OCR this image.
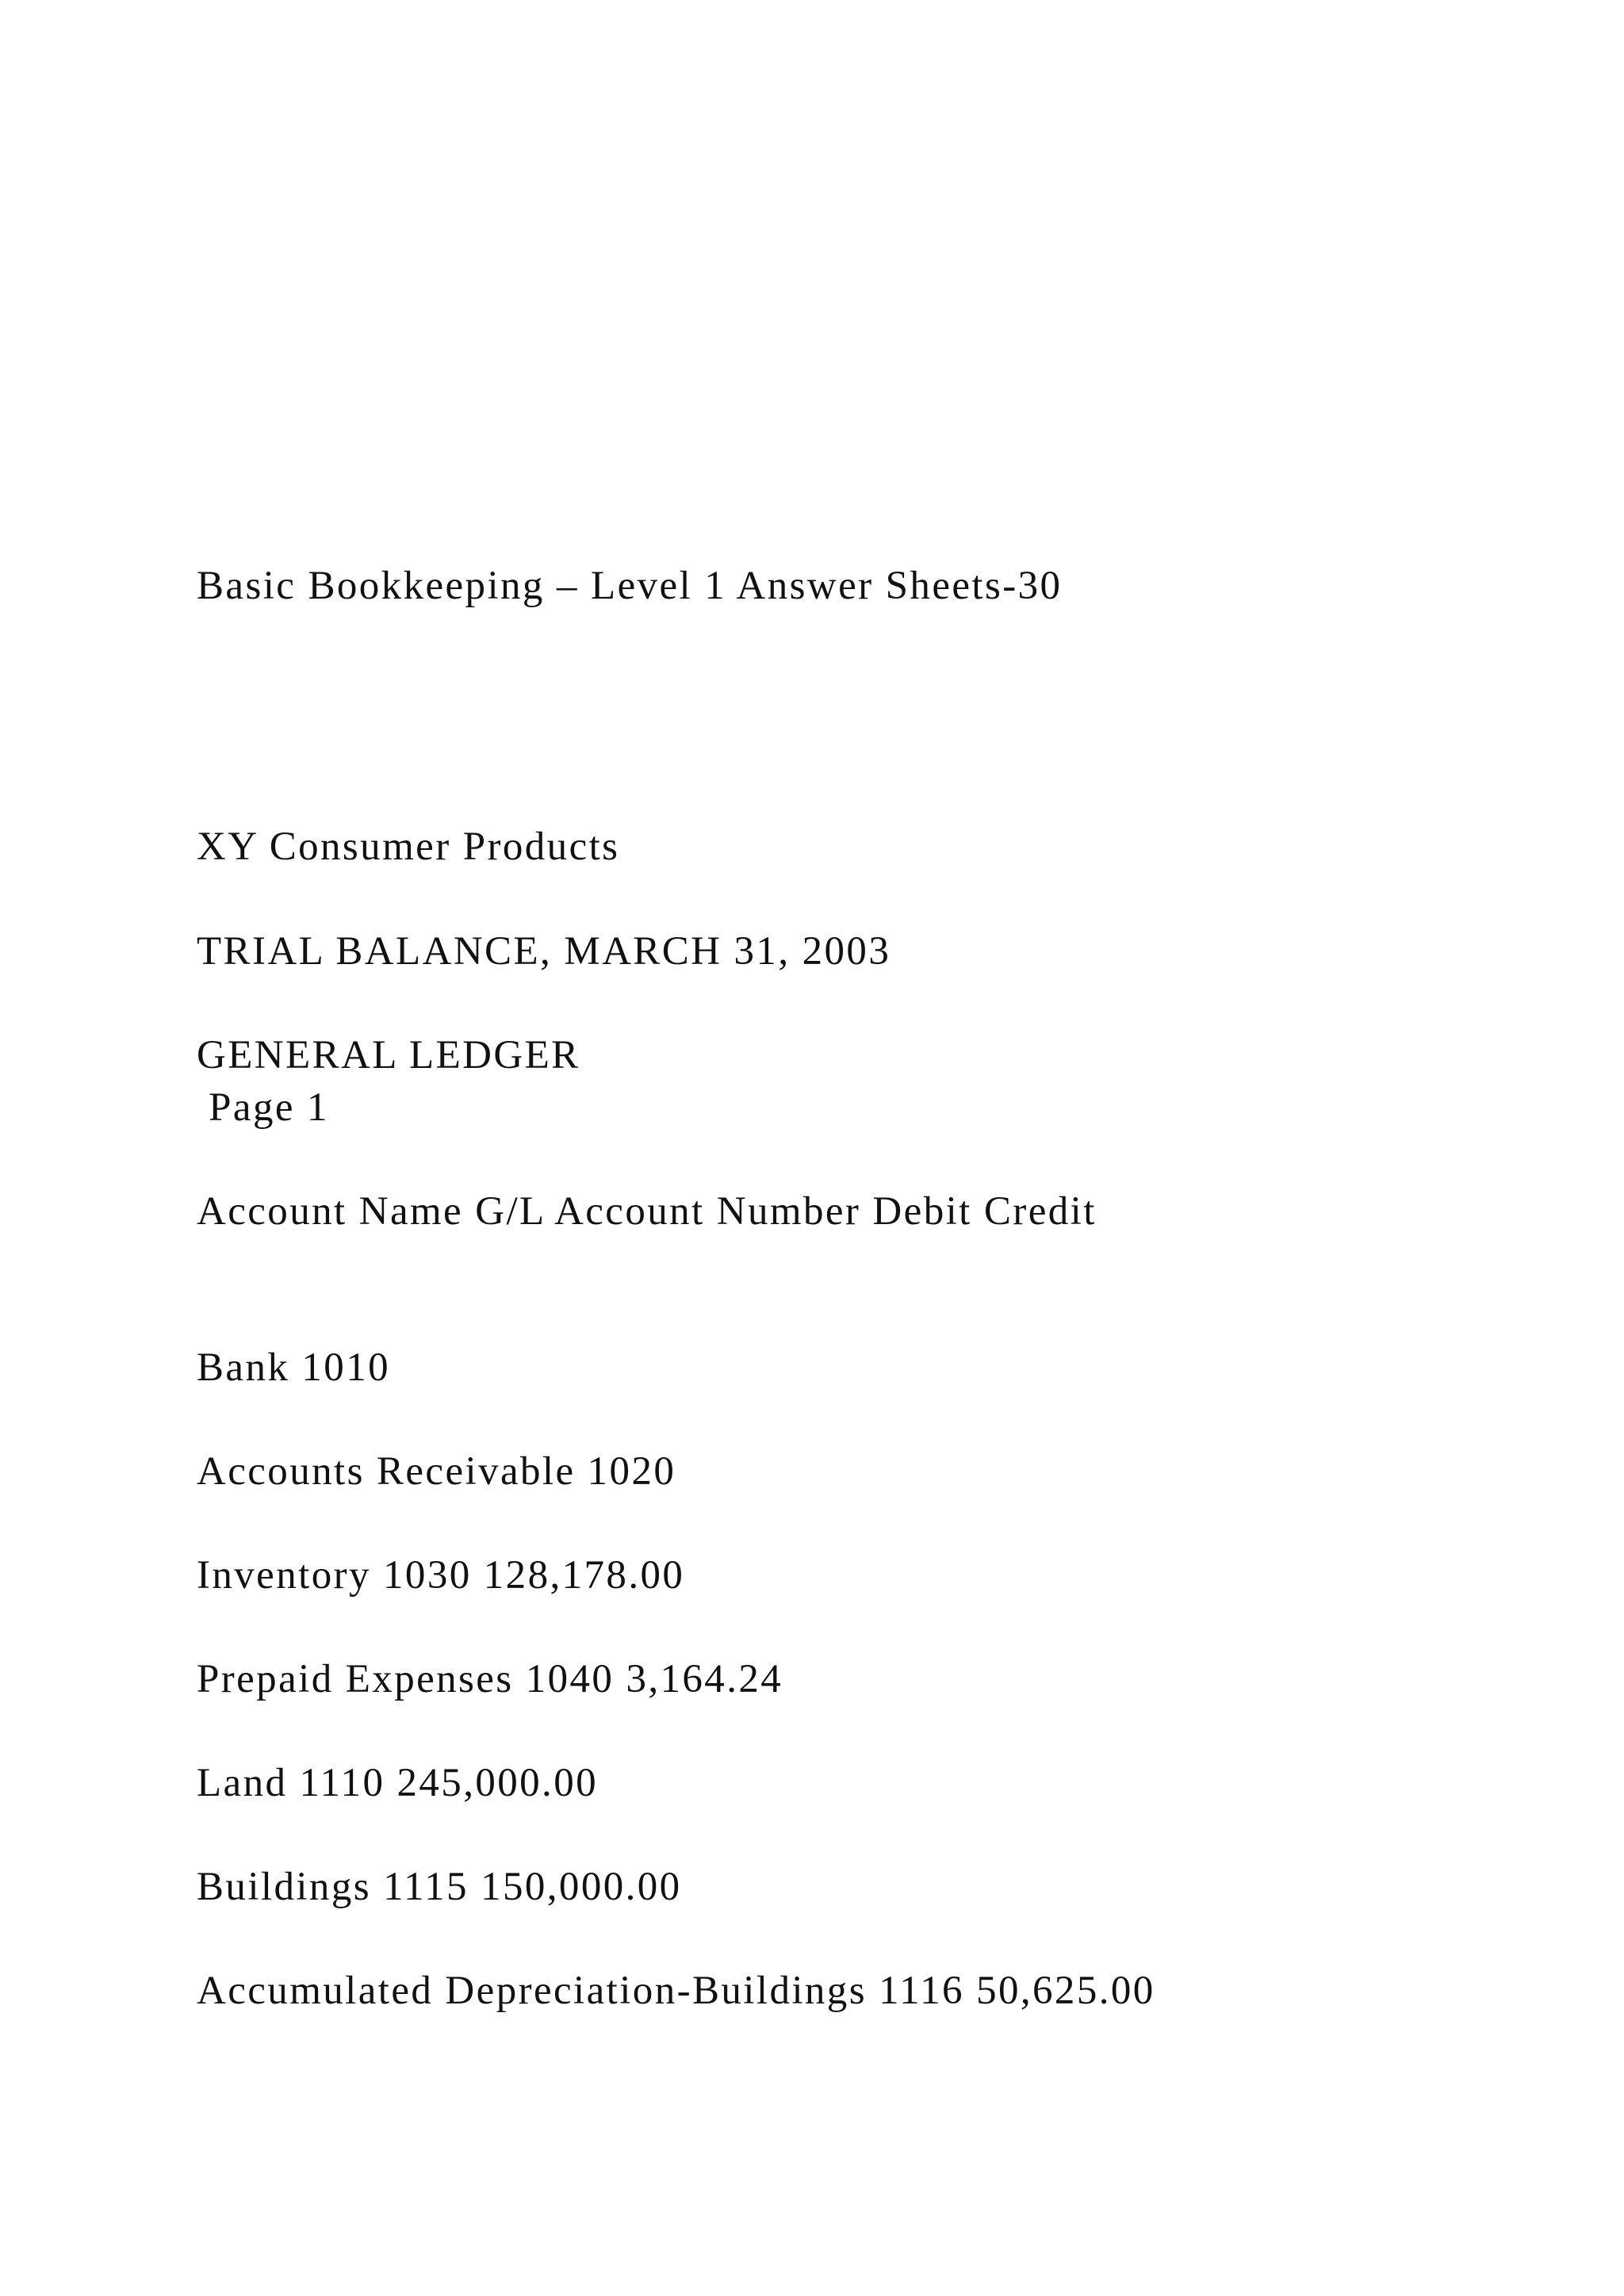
Basic Bookkeeping – Level 1 Answer Sheets-30

XY Consumer Products

TRIAL BALANCE, MARCH 31, 2003

GENERAL LEDGER

Page 1

Account Name G/L Account Number Debit Credit

Bank 1010

Accounts Receivable 1020

Inventory 1030 128,178.00

Prepaid Expenses 1040 3,164.24

Land 1110 245,000.00

Buildings 1115 150,000.00

Accumulated Depreciation-Buildings 1116 50,625.00
